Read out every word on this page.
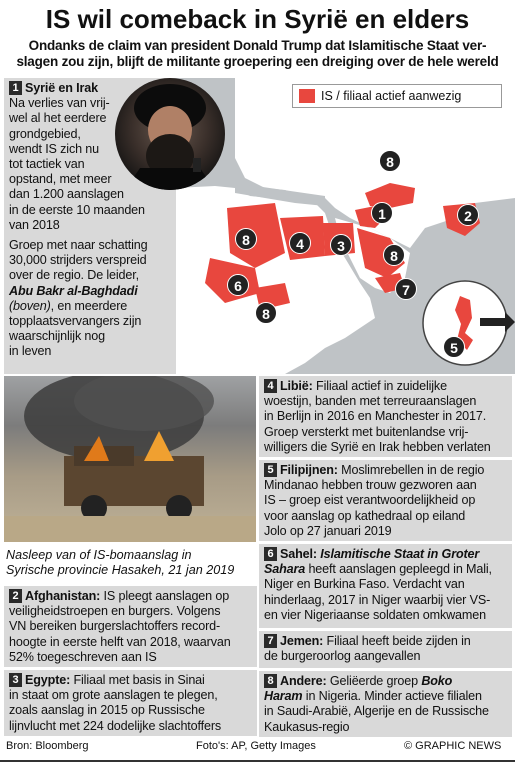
IS wil comeback in Syrië en elders
Ondanks de claim van president Donald Trump dat Islamitische Staat ver-
slagen zou zijn, blijft de militante groepering een dreiging over de hele wereld
8
1	2
8	4	3
8
6	7
8
5
IS / filiaal actief aanwezig

1 Syrië en Irak

Na verlies van vrij-

wel al het eerdere

grondgebied,

wendt IS zich nu

tot tactiek van

opstand, met meer

dan 1.200 aanslagen

in de eerste 10 maanden

van 2018

Groep met naar schatting

30,000 strijders verspreid

over de regio. De leider,

Abu Bakr al-Baghdadi

(boven), en meerdere

topplaatsvervangers zijn

waarschijnlijk nog

in leven

Nasleep van of IS-bomaanslag in
Syrische provincie Hasakeh, 21 jan 2019

2 Afghanistan: IS pleegt aanslagen op

veiligheidstroepen en burgers. Volgens

VN bereiken burgerslachtoffers record-

hoogte in eerste helft van 2018, waarvan

52% toegeschreven aan IS

3 Egypte: Filiaal met basis in Sinai

in staat om grote aanslagen te plegen,

zoals aanslag in 2015 op Russische

lijnvlucht met 224 dodelijke slachtoffers

4 Libië: Filiaal actief in zuidelijke

woestijn, banden met terreuraanslagen

in Berlijn in 2016 en Manchester in 2017.

Groep versterkt met buitenlandse vrij-

willigers die Syrië en Irak hebben verlaten

5 Filipijnen: Moslimrebellen in de regio

Mindanao hebben trouw gezworen aan

IS – groep eist verantwoordelijkheid op

voor aanslag op kathedraal op eiland

Jolo op 27 januari 2019

6 Sahel: Islamitische Staat in Groter

Sahara heeft aanslagen gepleegd in Mali,

Niger en Burkina Faso. Verdacht van

hinderlaag, 2017 in Niger waarbij vier VS-

en vier Nigeriaanse soldaten omkwamen

7 Jemen: Filiaal heeft beide zijden in

de burgeroorlog aangevallen

8 Andere: Geliëerde groep Boko

Haram in Nigeria. Minder actieve filialen

in Saudi-Arabië, Algerije en de Russische

Kaukasus-regio

Bron: Bloomberg	Foto's: AP, Getty Images	© GRAPHIC NEWS
